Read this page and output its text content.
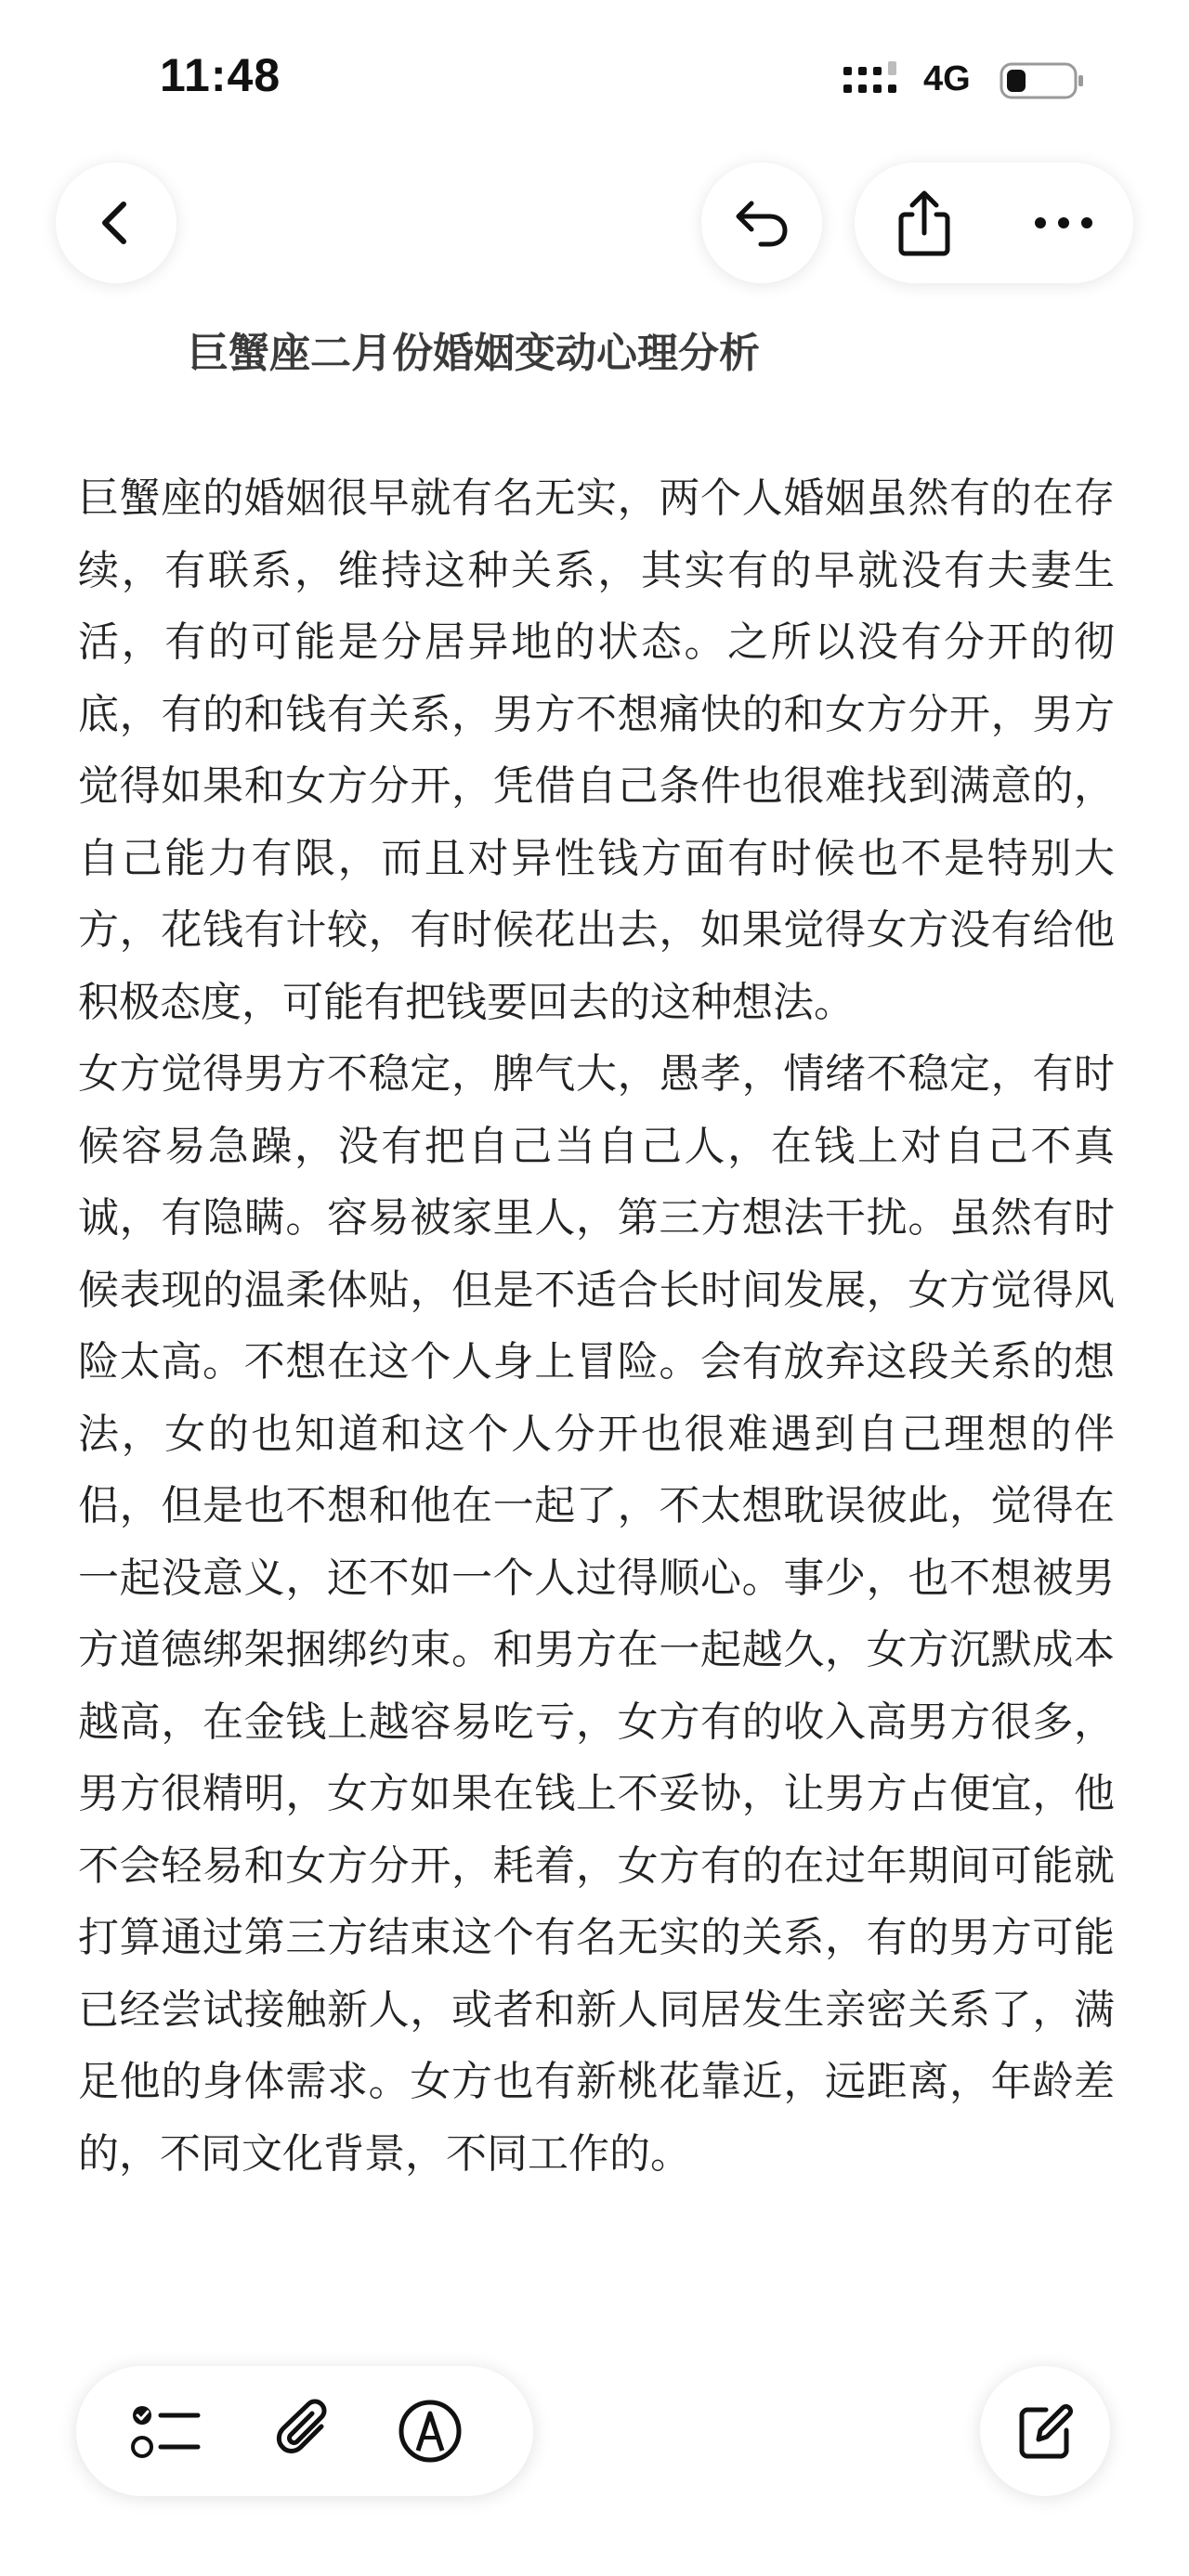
11:48	4G
巨蟹座二月份婚姻变动心理分析

巨蟹座的婚姻很早就有名无实，两个人婚姻虽然有的在存续，有联系，维持这种关系，其实有的早就没有夫妻生活，有的可能是分居异地的状态。之所以没有分开的彻底，有的和钱有关系，男方不想痛快的和女方分开，男方觉得如果和女方分开，凭借自己条件也很难找到满意的，自己能力有限，而且对异性钱方面有时候也不是特别大方，花钱有计较，有时候花出去，如果觉得女方没有给他积极态度，可能有把钱要回去的这种想法。

女方觉得男方不稳定，脾气大，愚孝，情绪不稳定，有时候容易急躁，没有把自己当自己人，在钱上对自己不真诚，有隐瞒。容易被家里人，第三方想法干扰。虽然有时候表现的温柔体贴，但是不适合长时间发展，女方觉得风险太高。不想在这个人身上冒险。会有放弃这段关系的想法，女的也知道和这个人分开也很难遇到自己理想的伴侣，但是也不想和他在一起了，不太想耽误彼此，觉得在一起没意义，还不如一个人过得顺心。事少，也不想被男方道德绑架捆绑约束。和男方在一起越久，女方沉默成本越高，在金钱上越容易吃亏，女方有的收入高男方很多，男方很精明，女方如果在钱上不妥协，让男方占便宜，他不会轻易和女方分开，耗着，女方有的在过年期间可能就打算通过第三方结束这个有名无实的关系，有的男方可能已经尝试接触新人，或者和新人同居发生亲密关系了，满足他的身体需求。女方也有新桃花靠近，远距离，年龄差的，不同文化背景，不同工作的。
